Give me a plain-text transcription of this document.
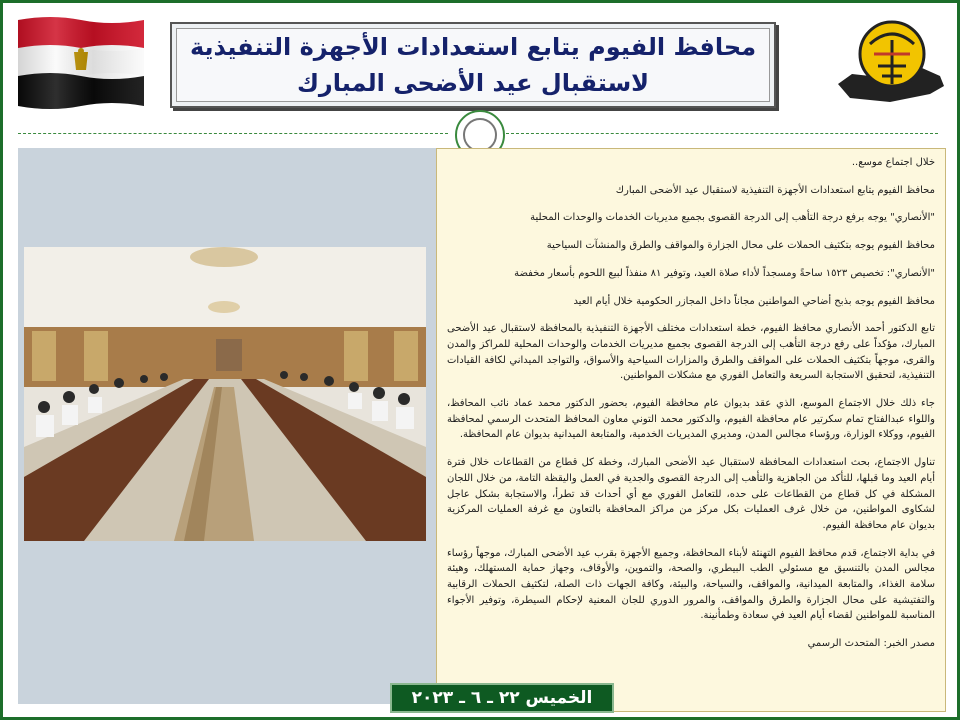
محافظ الفيوم يتابع استعدادات الأجهزة التنفيذية لاستقبال عيد الأضحى المبارك

خلال اجتماع موسع..

محافظ الفيوم يتابع استعدادات الأجهزة التنفيذية لاستقبال عيد الأضحى المبارك

"الأنصاري" يوجه برفع درجة التأهب إلى الدرجة القصوى بجميع مديريات الخدمات والوحدات المحلية

محافظ الفيوم يوجه بتكثيف الحملات على محال الجزارة والمواقف والطرق والمنشآت السياحية

"الأنصاري": تخصيص ١٥٢٣ ساحةً ومسجداً لأداء صلاة العيد، وتوفير ٨١ منفذاً لبيع اللحوم بأسعار مخفضة

محافظ الفيوم يوجه بذبح أضاحي المواطنين مجاناً داخل المجازر الحكومية خلال أيام العيد

تابع الدكتور أحمد الأنصاري محافظ الفيوم، خطة استعدادات مختلف الأجهزة التنفيذية بالمحافظة لاستقبال عيد الأضحى المبارك، مؤكداً على رفع درجة التأهب إلى الدرجة القصوى بجميع مديريات الخدمات والوحدات المحلية للمراكز والمدن والقرى، موجهاً بتكثيف الحملات على المواقف والطرق والمزارات السياحية والأسواق، والتواجد الميداني لكافة القيادات التنفيذية، لتحقيق الاستجابة السريعة والتعامل الفوري مع مشكلات المواطنين.

جاء ذلك خلال الاجتماع الموسع، الذي عقد بديوان عام محافظة الفيوم، بحضور الدكتور محمد عماد نائب المحافظ، واللواء عبدالفتاح تمام سكرتير عام محافظة الفيوم، والدكتور محمد التوني معاون المحافظ المتحدث الرسمي لمحافظة الفيوم، ووكلاء الوزارة، ورؤساء مجالس المدن، ومديري المديريات الخدمية، والمتابعة الميدانية بديوان عام المحافظة.

تناول الاجتماع، بحث استعدادات المحافظة لاستقبال عيد الأضحى المبارك، وخطة كل قطاع من القطاعات خلال فترة أيام العيد وما قبلها، للتأكد من الجاهزية والتأهب إلى الدرجة القصوى والجدية في العمل واليقظة التامة، من خلال اللجان المشكلة في كل قطاع من القطاعات على حده، للتعامل الفوري مع أي أحداث قد تطرأ، والاستجابة بشكل عاجل لشكاوى المواطنين، من خلال غرف العمليات بكل مركز من مراكز المحافظة بالتعاون مع غرفة العمليات المركزية بديوان عام محافظة الفيوم.

في بداية الاجتماع، قدم محافظ الفيوم التهنئة لأبناء المحافظة، وجميع الأجهزة بقرب عيد الأضحى المبارك، موجهاً رؤساء مجالس المدن بالتنسيق مع مسئولي الطب البيطري، والصحة، والتموين، والأوقاف، وجهاز حماية المستهلك، وهيئة سلامة الغذاء، والمتابعة الميدانية، والمواقف، والسياحة، والبيئة، وكافة الجهات ذات الصلة، لتكثيف الحملات الرقابية والتفتيشية على محال الجزارة والطرق والمواقف، والمرور الدوري للجان المعنية لإحكام السيطرة، وتوفير الأجواء المناسبة للمواطنين لقضاء أيام العيد في سعادة وطمأنينة.

مصدر الخبر: المتحدث الرسمي

الخميس ٢٢ ـ ٦ ـ ٢٠٢٣
